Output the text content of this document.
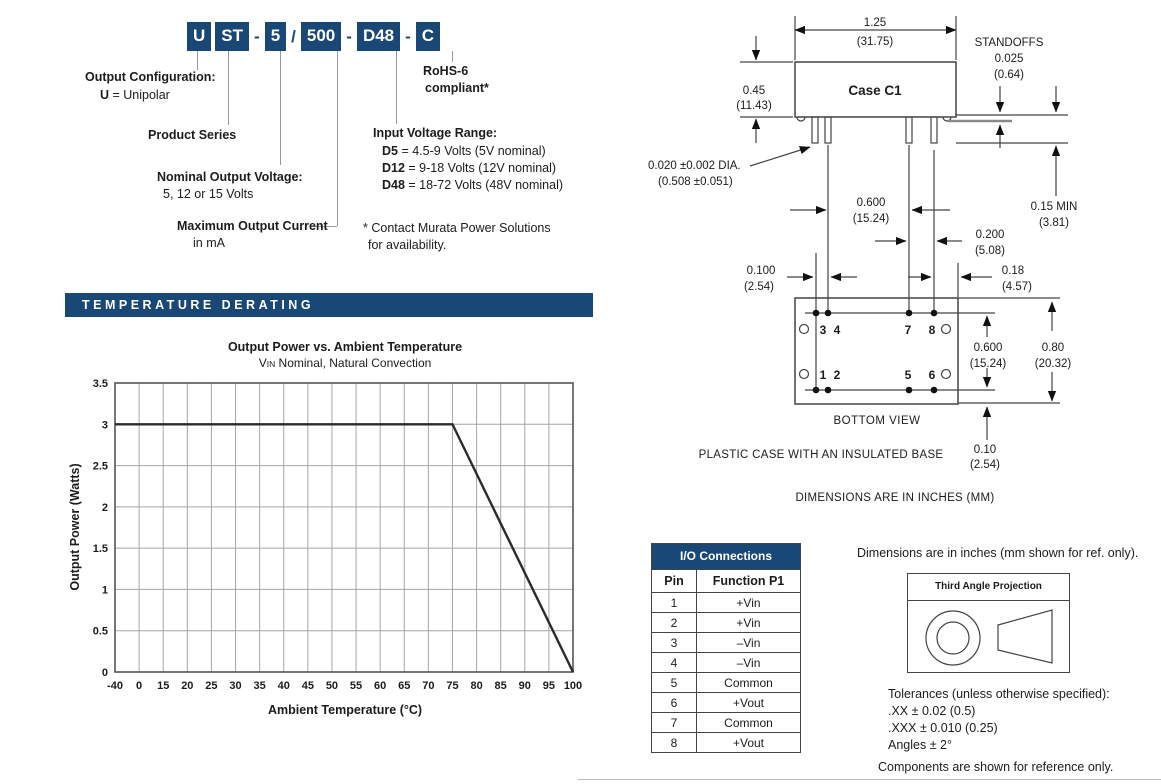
U ST - 5 / 500 - D48 - C
Output Configuration:
U = Unipolar
Product Series
Nominal Output Voltage:
5, 12 or 15 Volts
Maximum Output Current
in mA
RoHS-6
compliant*
Input Voltage Range:
D5 = 4.5-9 Volts (5V nominal)
D12 = 9-18 Volts (12V nominal)
D48 = 18-72 Volts (48V nominal)
* Contact Murata Power Solutions
for availability.
TEMPERATURE DERATING
Output Power vs. Ambient Temperature
VIN Nominal, Natural Convection
Output Power (Watts)
-40 0 15 20 25 30 35 40 45 50 55 60 65 70 75 80 85 90 95 100
0
0.5
1
1.5
2
2.5
3
3.5
Ambient Temperature (°C)
Case C1
1.25
(31.75)
0.45
(11.43)
STANDOFFS
0.025
(0.64)
0.15 MIN
(3.81)
0.020 ±0.002 DIA.
(0.508 ±0.051)
0.600
(15.24)
0.200
(5.08)
0.100
(2.54)
0.18
(4.57)
3 4	7 8
1 2	5 6
0.600
(15.24)
0.80
(20.32)
0.10
(2.54)
BOTTOM VIEW
PLASTIC CASE WITH AN INSULATED BASE
DIMENSIONS ARE IN INCHES (MM)
I/O Connections
Pin	Function P1
1	+Vin
2	+Vin
3	–Vin
4	–Vin
5	Common
6	+Vout
7	Common
8	+Vout
Dimensions are in inches (mm shown for ref. only).
Third Angle Projection
Tolerances (unless otherwise specified):
.XX ± 0.02 (0.5)
.XXX ± 0.010 (0.25)
Angles ± 2°
Components are shown for reference only.
